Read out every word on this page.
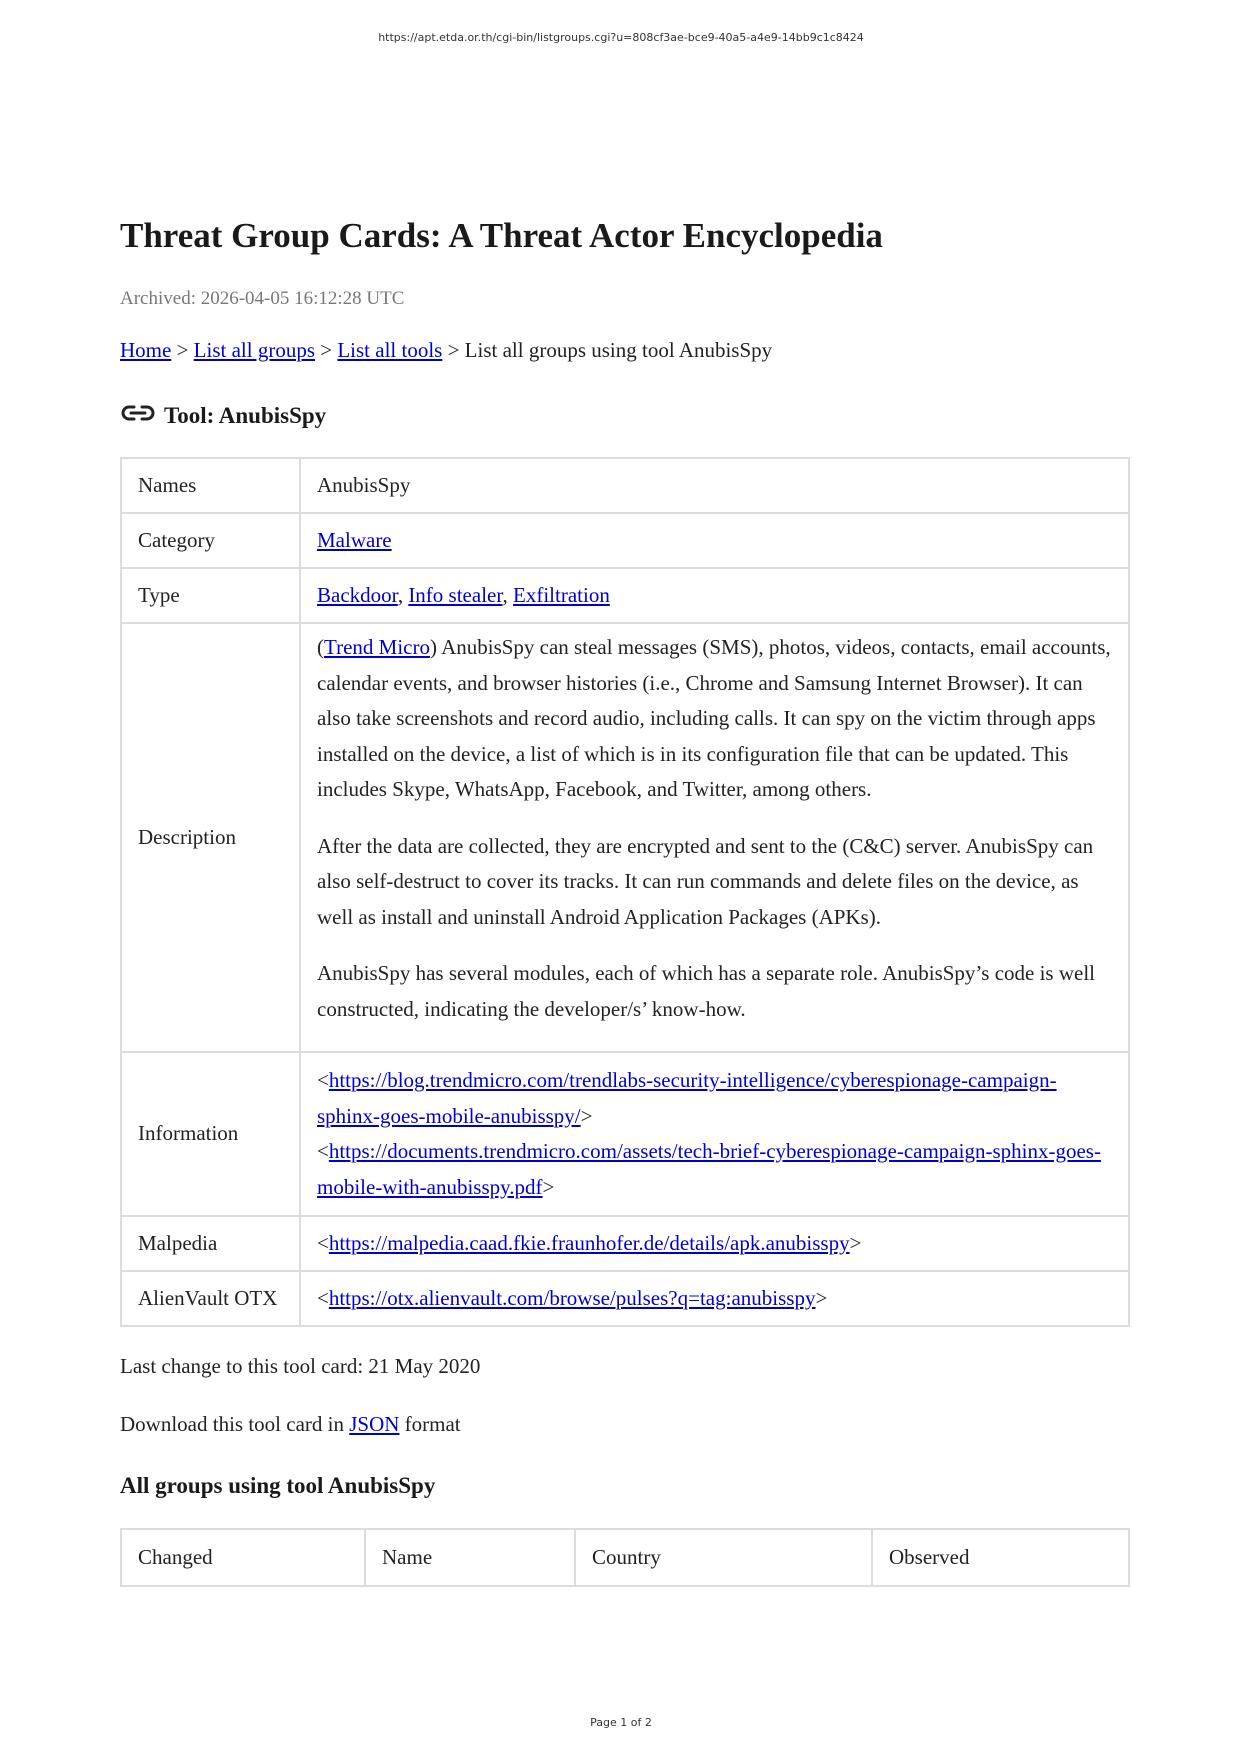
https://apt.etda.or.th/cgi-bin/listgroups.cgi?u=808cf3ae-bce9-40a5-a4e9-14bb9c1c8424
Threat Group Cards: A Threat Actor Encyclopedia
Archived: 2026-04-05 16:12:28 UTC
Home > List all groups > List all tools > List all groups using tool AnubisSpy
Tool: AnubisSpy
Names	AnubisSpy
Category	Malware
Type	Backdoor, Info stealer, Exfiltration
Description	(Trend Micro) AnubisSpy can steal messages (SMS), photos, videos, contacts, email accounts, calendar events, and browser histories (i.e., Chrome and Samsung Internet Browser). It can also take screenshots and record audio, including calls. It can spy on the victim through apps installed on the device, a list of which is in its configuration file that can be updated. This includes Skype, WhatsApp, Facebook, and Twitter, among others.

After the data are collected, they are encrypted and sent to the (C&C) server. AnubisSpy can also self-destruct to cover its tracks. It can run commands and delete files on the device, as well as install and uninstall Android Application Packages (APKs).

AnubisSpy has several modules, each of which has a separate role. AnubisSpy’s code is well constructed, indicating the developer/s’ know-how.

Information	<https://blog.trendmicro.com/trendlabs-security-intelligence/cyberespionage-campaign-sphinx-goes-mobile-anubisspy/>
<https://documents.trendmicro.com/assets/tech-brief-cyberespionage-campaign-sphinx-goes-mobile-with-anubisspy.pdf>

Malpedia	<https://malpedia.caad.fkie.fraunhofer.de/details/apk.anubisspy>
AlienVault OTX	<https://otx.alienvault.com/browse/pulses?q=tag:anubisspy>
Last change to this tool card: 21 May 2020
Download this tool card in JSON format
All groups using tool AnubisSpy
Changed	Name	Country	Observed
Page 1 of 2
